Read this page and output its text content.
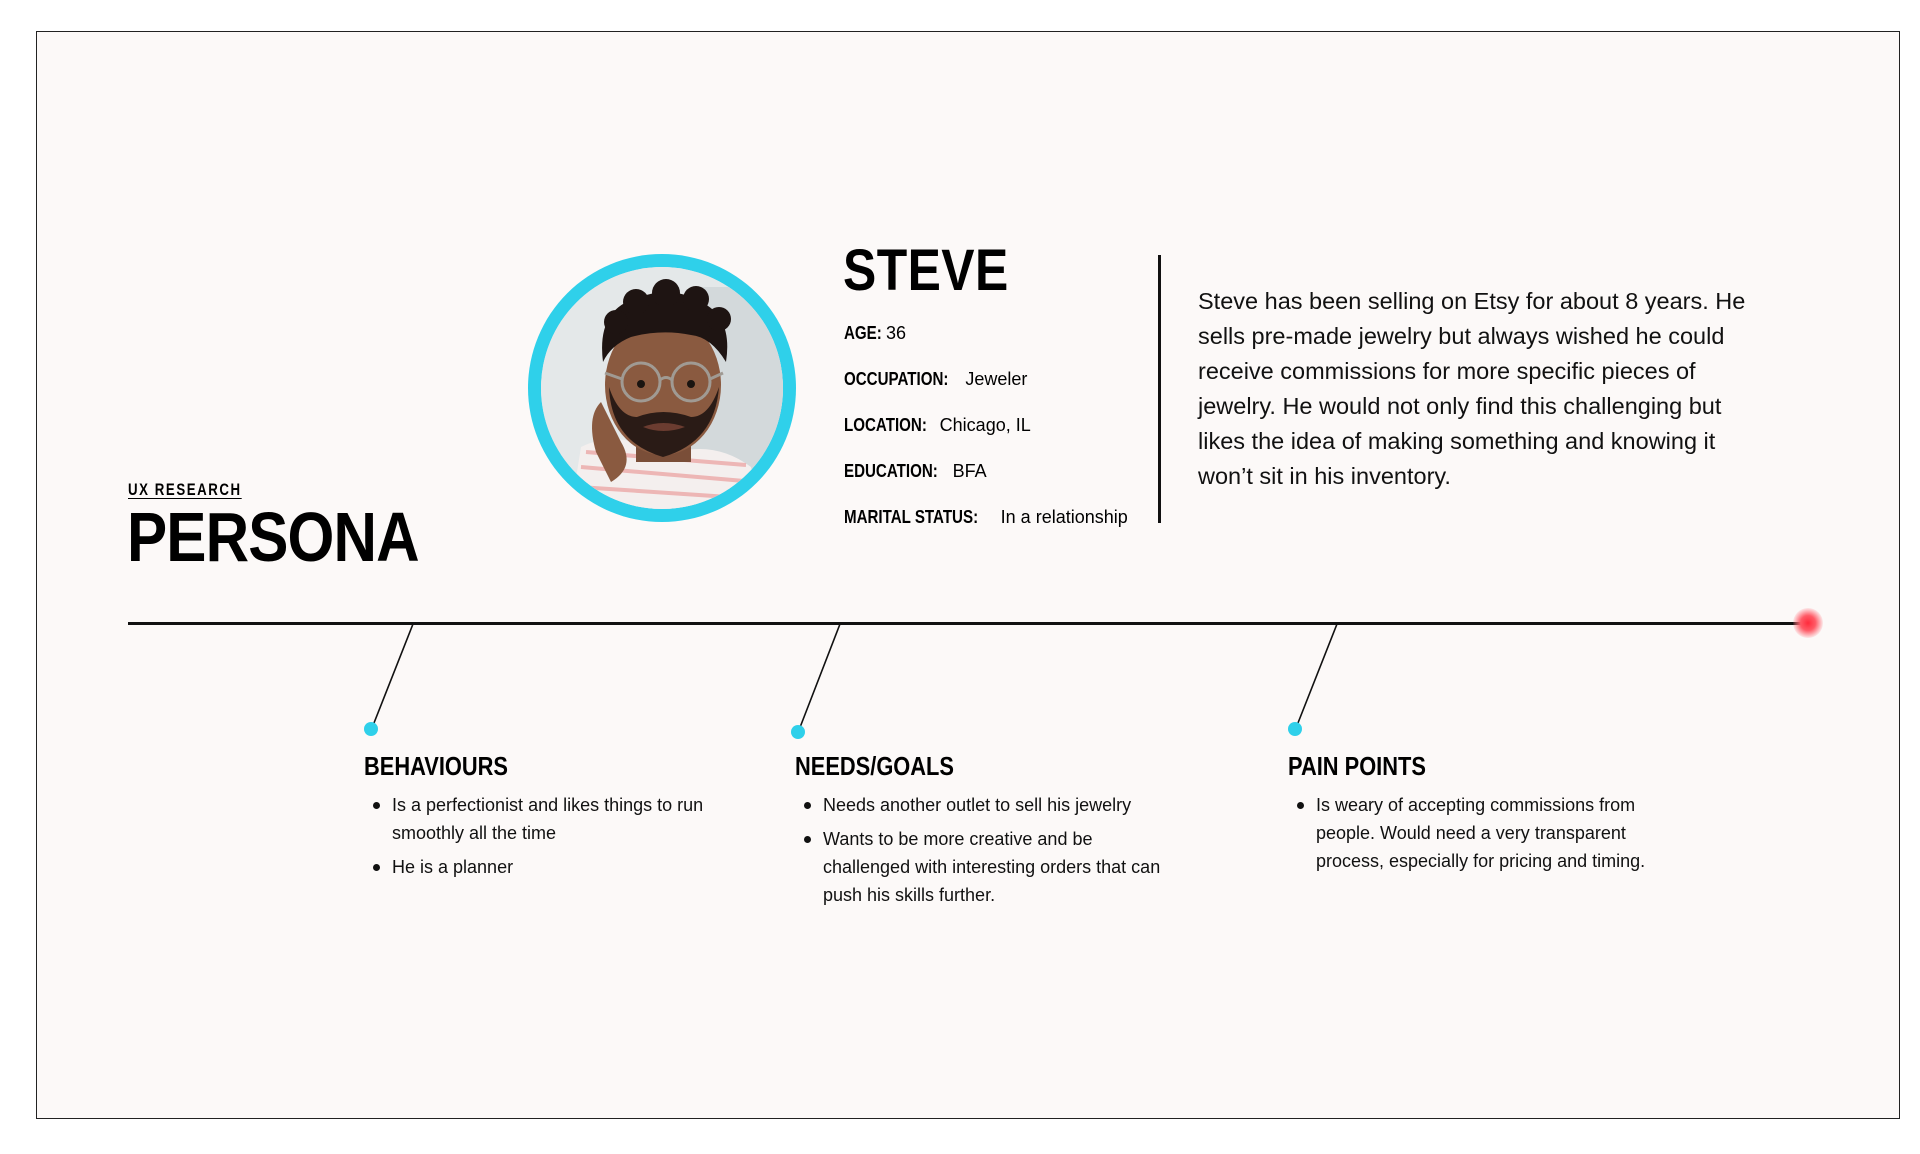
UX RESEARCH
PERSONA
STEVE
AGE: 36
OCCUPATION: Jeweler
LOCATION: Chicago, IL
EDUCATION: BFA
MARITAL STATUS: In a relationship
Steve has been selling on Etsy for about 8 years. He sells pre-made jewelry but always wished he could receive commissions for more specific pieces of jewelry. He would not only find this challenging but likes the idea of making something and knowing it won’t sit in his inventory.
BEHAVIOURS
Is a perfectionist and likes things to run smoothly all the time
He is a planner
NEEDS/GOALS
Needs another outlet to sell his jewelry
Wants to be more creative and be challenged with interesting orders that can push his skills further.
PAIN POINTS
Is weary of accepting commissions from people. Would need a very transparent process, especially for pricing and timing.
